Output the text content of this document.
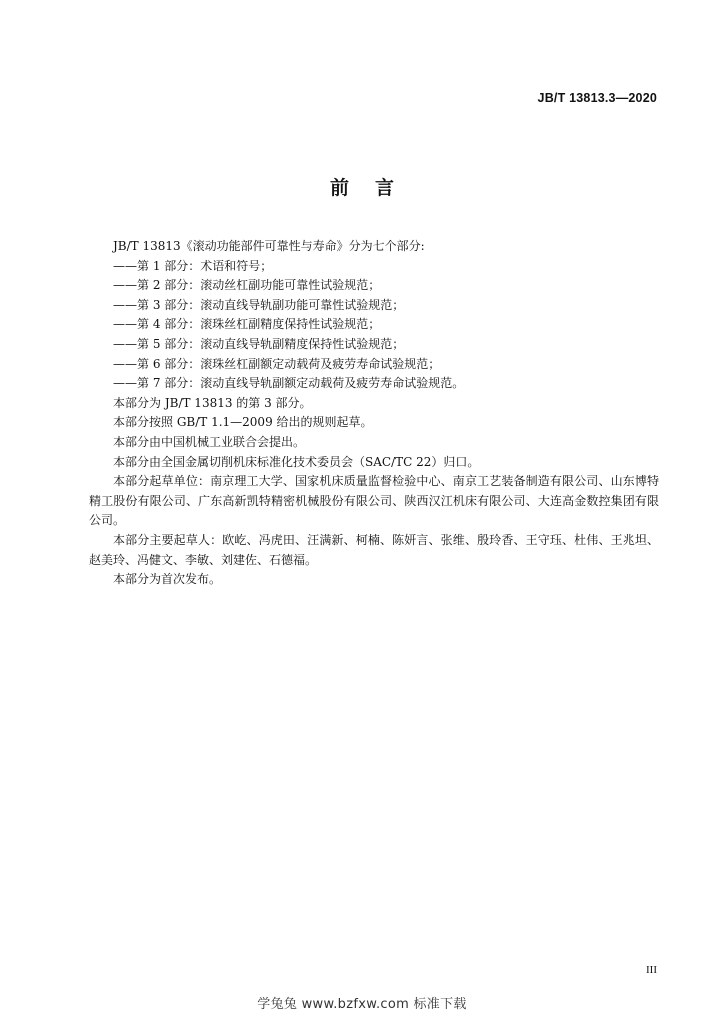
JB/T 13813.3—2020
前言

JB/T 13813《滚动功能部件可靠性与寿命》分为七个部分:

——第 1 部分：术语和符号；

——第 2 部分：滚动丝杠副功能可靠性试验规范；

——第 3 部分：滚动直线导轨副功能可靠性试验规范；

——第 4 部分：滚珠丝杠副精度保持性试验规范；

——第 5 部分：滚动直线导轨副精度保持性试验规范；

——第 6 部分：滚珠丝杠副额定动载荷及疲劳寿命试验规范；

——第 7 部分：滚动直线导轨副额定动载荷及疲劳寿命试验规范。

本部分为 JB/T 13813 的第 3 部分。

本部分按照 GB/T 1.1—2009 给出的规则起草。

本部分由中国机械工业联合会提出。

本部分由全国金属切削机床标准化技术委员会（SAC/TC 22）归口。

本部分起草单位：南京理工大学、国家机床质量监督检验中心、南京工艺装备制造有限公司、山东博特精工股份有限公司、广东高新凯特精密机械股份有限公司、陕西汉江机床有限公司、大连高金数控集团有限公司。

本部分主要起草人：欧屹、冯虎田、汪满新、柯楠、陈妍言、张维、殷玲香、王守珏、杜伟、王兆坦、赵美玲、冯健文、李敏、刘建佐、石德福。

本部分为首次发布。

III
学兔兔 www.bzfxw.com 标准下载
